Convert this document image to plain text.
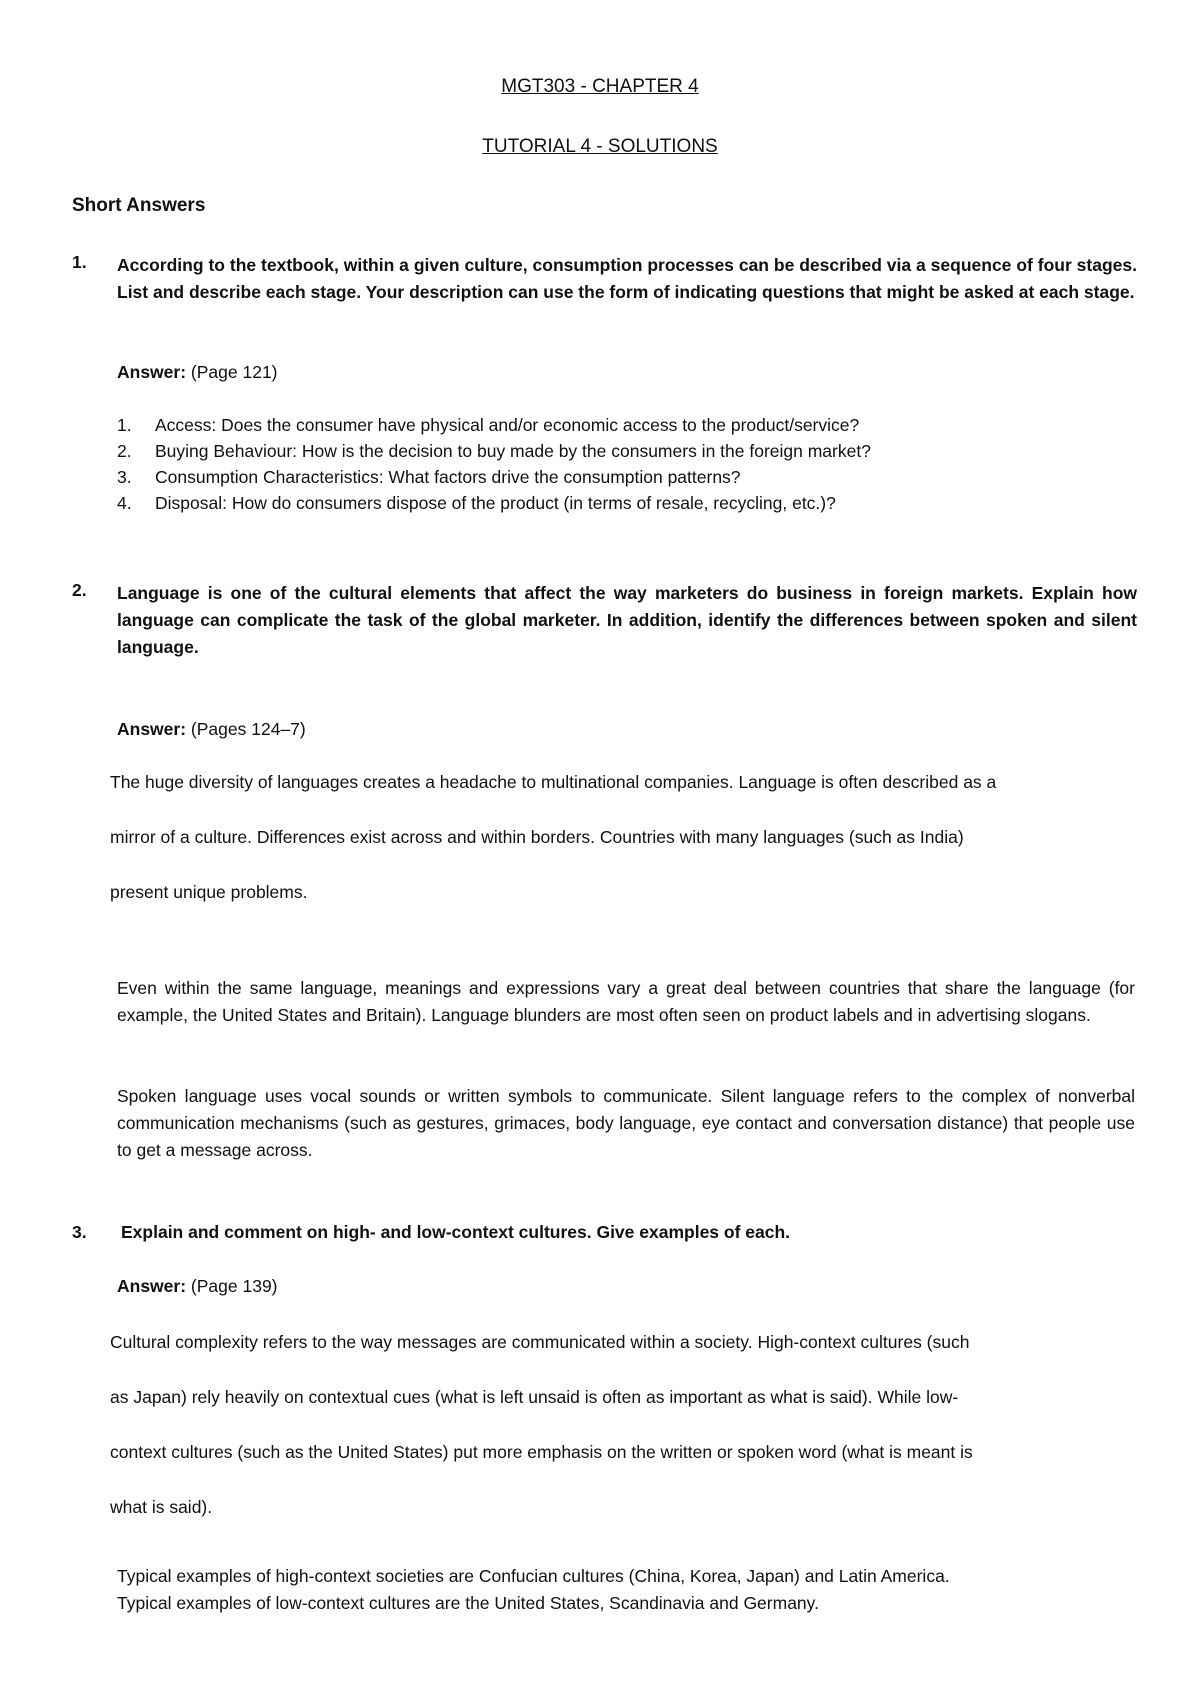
MGT303 - CHAPTER 4
TUTORIAL 4 - SOLUTIONS
Short Answers
1.	According to the textbook, within a given culture, consumption processes can be described via a sequence of four stages. List and describe each stage. Your description can use the form of indicating questions that might be asked at each stage.
Answer: (Page 121)
1. Access: Does the consumer have physical and/or economic access to the product/service?
2. Buying Behaviour: How is the decision to buy made by the consumers in the foreign market?
3. Consumption Characteristics: What factors drive the consumption patterns?
4. Disposal: How do consumers dispose of the product (in terms of resale, recycling, etc.)?
2.	Language is one of the cultural elements that affect the way marketers do business in foreign markets. Explain how language can complicate the task of the global marketer. In addition, identify the differences between spoken and silent language.
Answer: (Pages 124–7)
The huge diversity of languages creates a headache to multinational companies. Language is often described as a
mirror of a culture. Differences exist across and within borders. Countries with many languages (such as India)
present unique problems.
Even within the same language, meanings and expressions vary a great deal between countries that share the language (for example, the United States and Britain). Language blunders are most often seen on product labels and in advertising slogans.
Spoken language uses vocal sounds or written symbols to communicate. Silent language refers to the complex of nonverbal communication mechanisms (such as gestures, grimaces, body language, eye contact and conversation distance) that people use to get a message across.
3.	Explain and comment on high- and low-context cultures. Give examples of each.
Answer: (Page 139)
Cultural complexity refers to the way messages are communicated within a society. High-context cultures (such
as Japan) rely heavily on contextual cues (what is left unsaid is often as important as what is said). While low-
context cultures (such as the United States) put more emphasis on the written or spoken word (what is meant is
what is said).
Typical examples of high-context societies are Confucian cultures (China, Korea, Japan) and Latin America.
Typical examples of low-context cultures are the United States, Scandinavia and Germany.
